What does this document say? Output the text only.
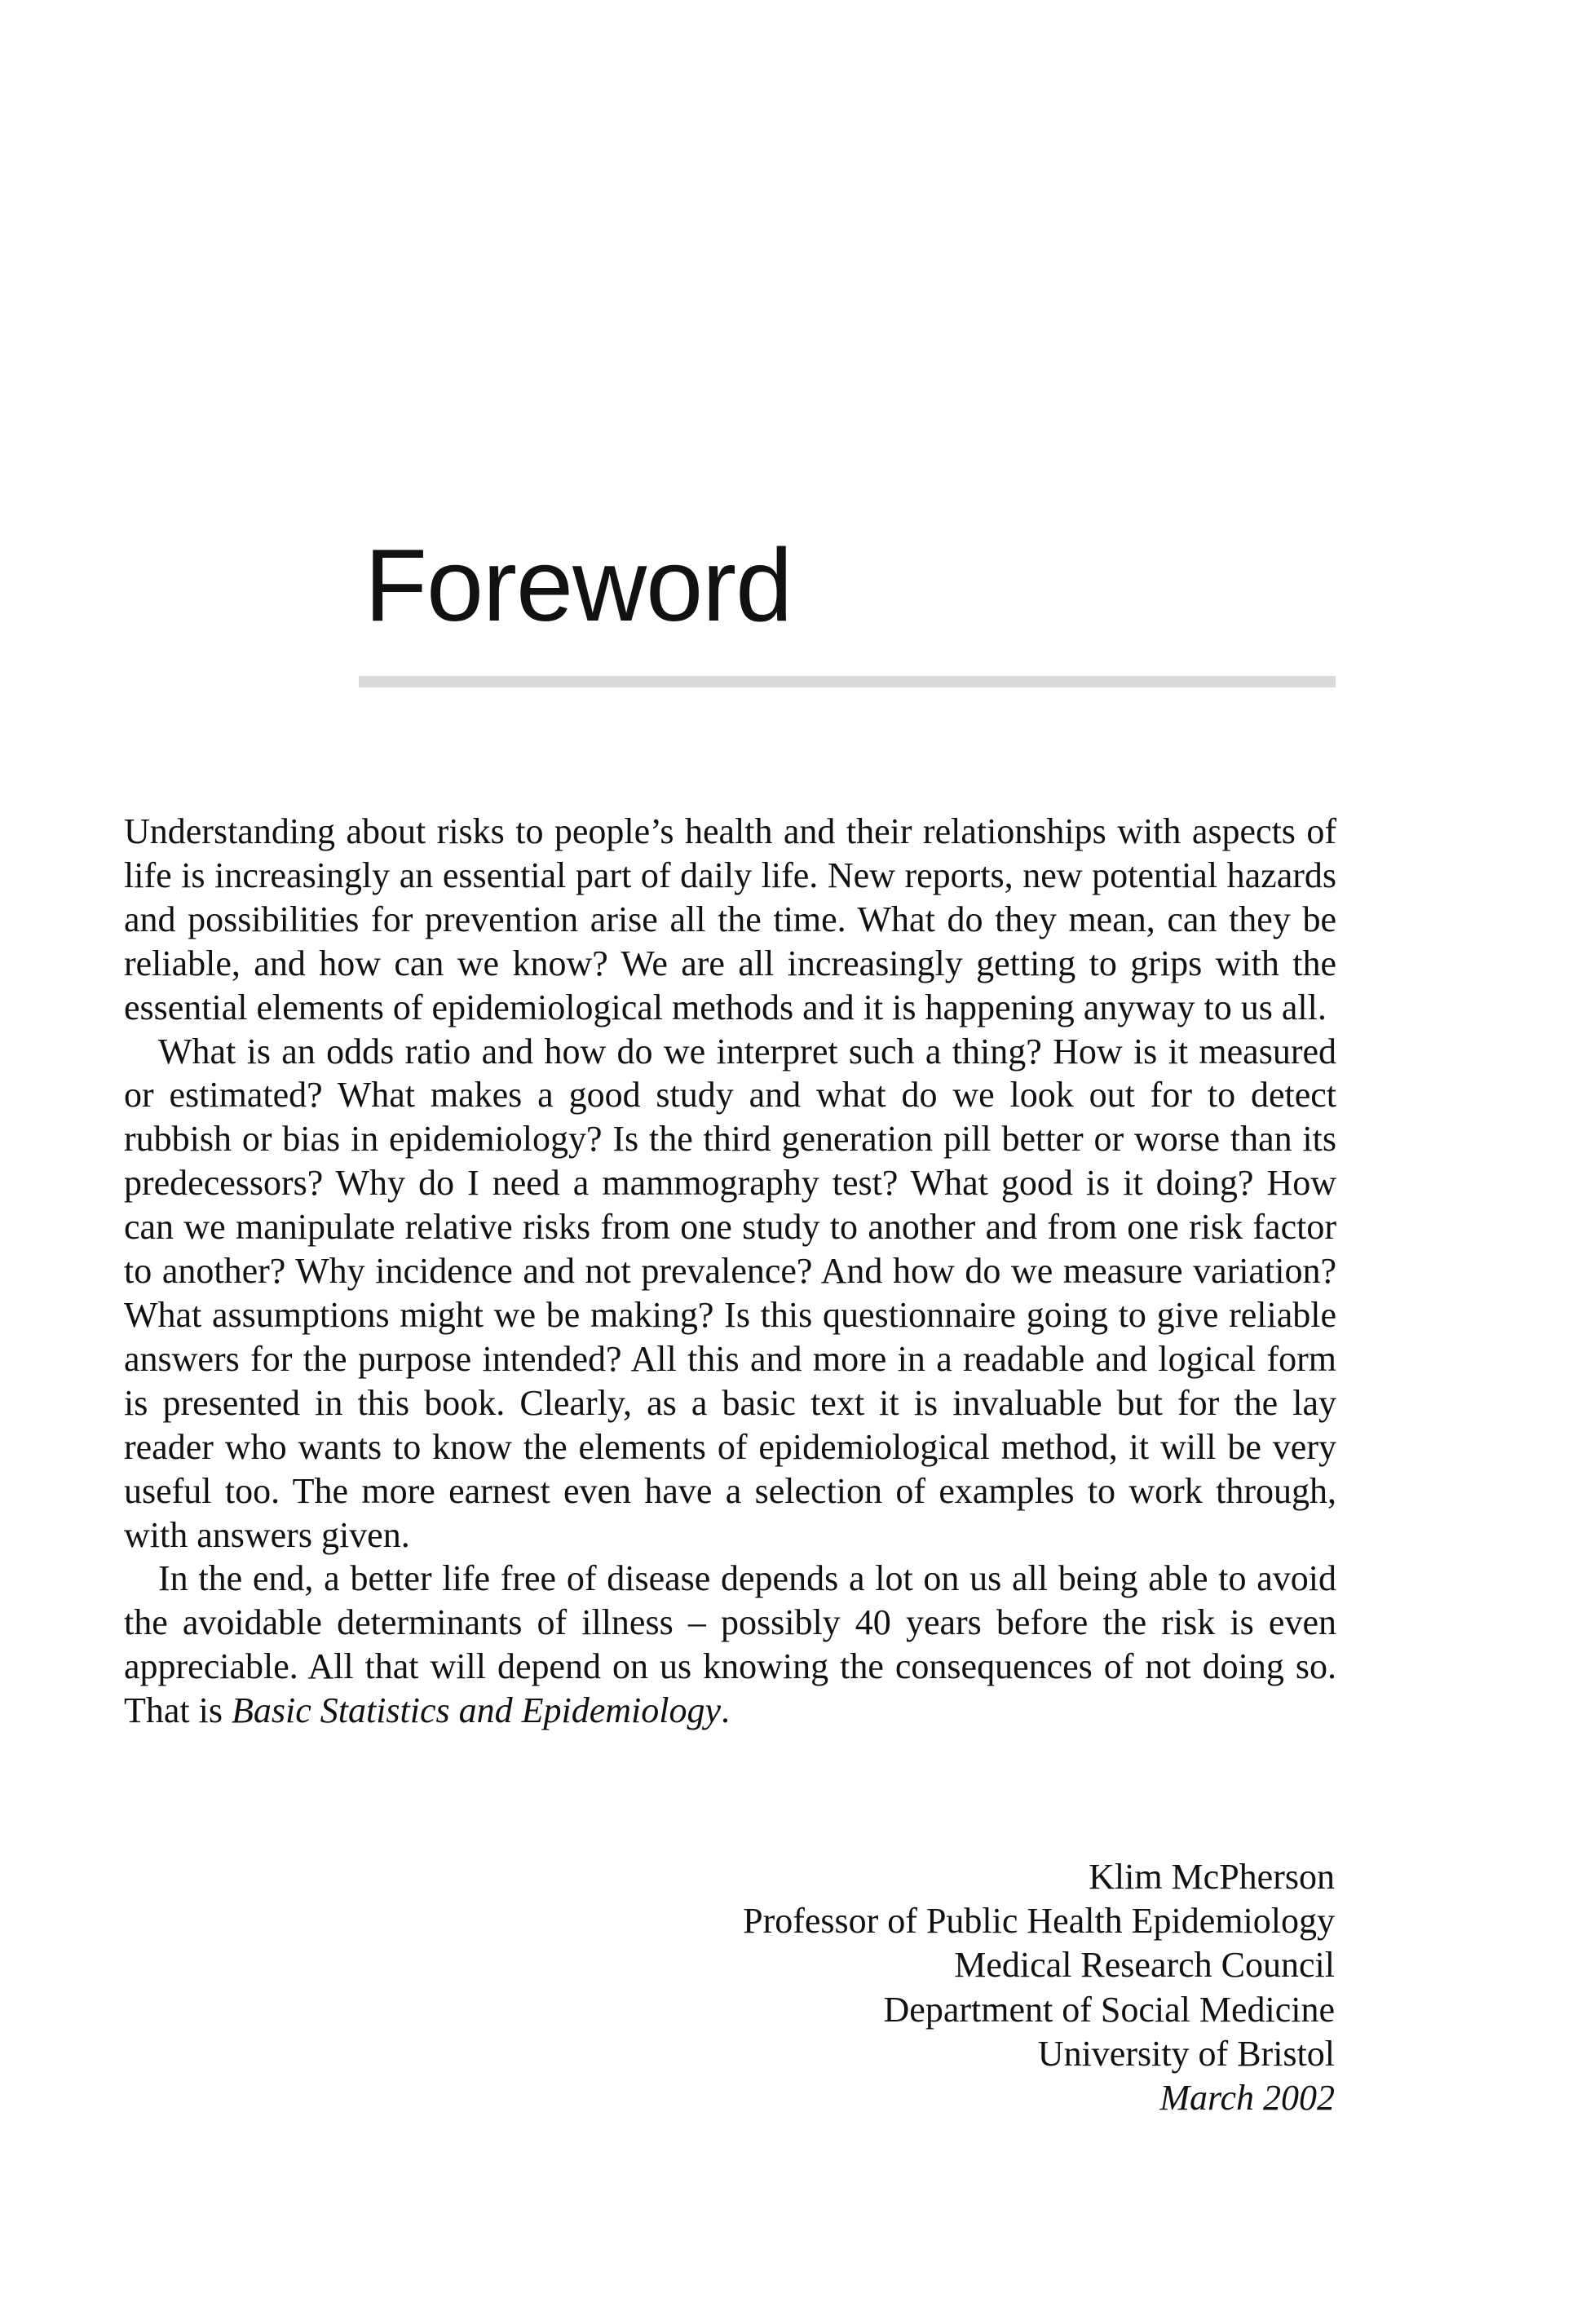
Foreword

Understanding about risks to people’s health and their relationships with aspects of life is increasingly an essential part of daily life. New reports, new potential hazards and possibilities for prevention arise all the time. What do they mean, can they be reliable, and how can we know? We are all increasingly getting to grips with the essential elements of epidemiological methods and it is happening anyway to us all.

What is an odds ratio and how do we interpret such a thing? How is it measured or estimated? What makes a good study and what do we look out for to detect rubbish or bias in epidemiology? Is the third generation pill better or worse than its predecessors? Why do I need a mammography test? What good is it doing? How can we manipulate relative risks from one study to another and from one risk factor to another? Why incidence and not prevalence? And how do we measure variation? What assumptions might we be making? Is this questionnaire going to give reliable answers for the purpose intended? All this and more in a readable and logical form is presented in this book. Clearly, as a basic text it is invaluable but for the lay reader who wants to know the elements of epidemiological method, it will be very useful too. The more earnest even have a selection of examples to work through, with answers given.

In the end, a better life free of disease depends a lot on us all being able to avoid the avoidable determinants of illness – possibly 40 years before the risk is even appreciable. All that will depend on us knowing the consequences of not doing so. That is Basic Statistics and Epidemiology.

Klim McPherson
Professor of Public Health Epidemiology
Medical Research Council
Department of Social Medicine
University of Bristol
March 2002
